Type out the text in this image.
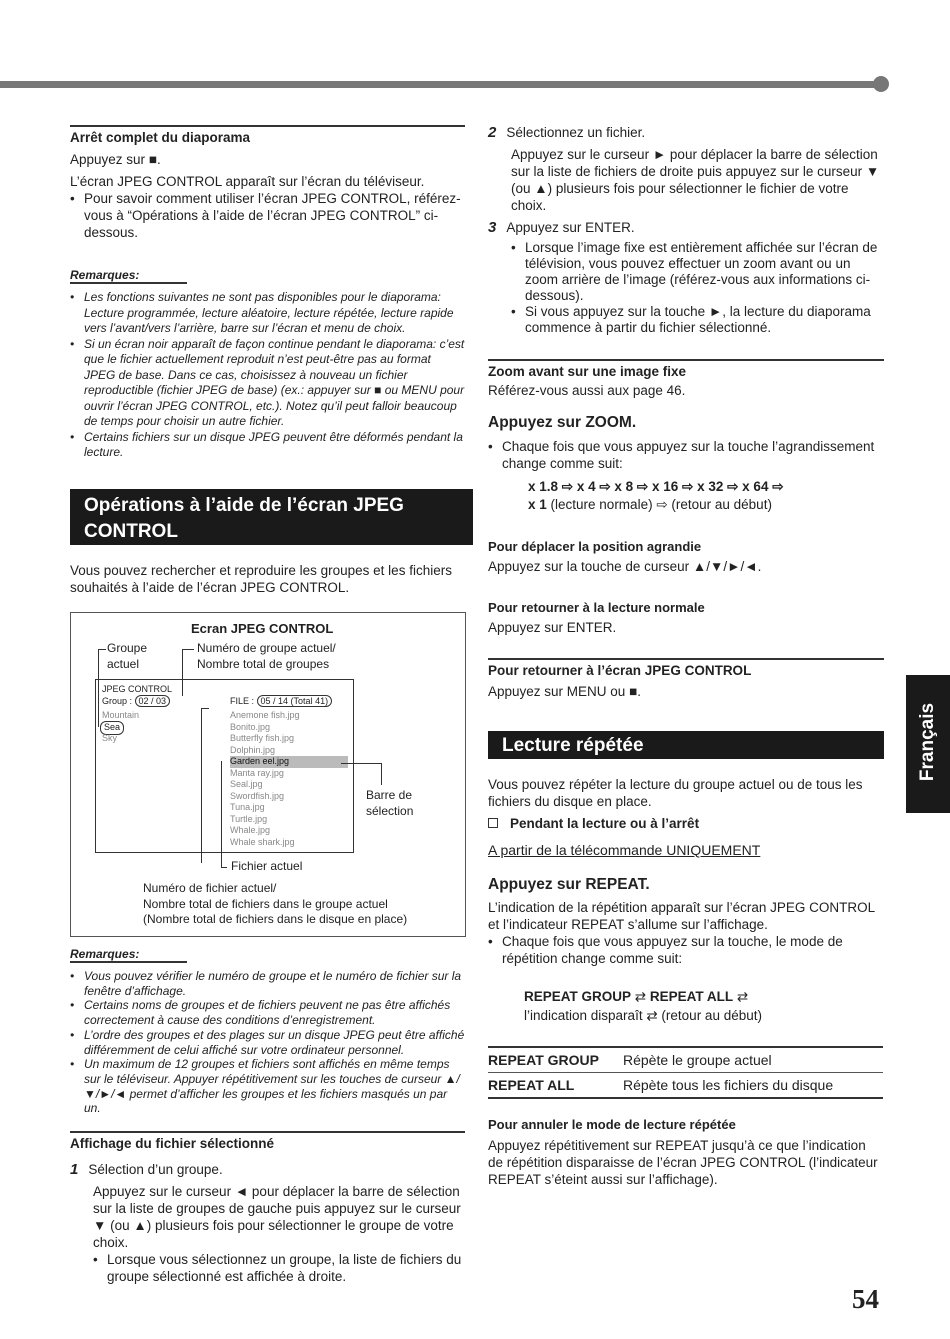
Arrêt complet du diaporama
Appuyez sur ■.
L’écran JPEG CONTROL apparaît sur l’écran du téléviseur.
• Pour savoir comment utiliser l’écran JPEG CONTROL, référez-vous à “Opérations à l’aide de l’écran JPEG CONTROL” ci-dessous.
Remarques:
• Les fonctions suivantes ne sont pas disponibles pour le diaporama: Lecture programmée, lecture aléatoire, lecture répétée, lecture rapide vers l’avant/vers l’arrière, barre sur l’écran et menu de choix.
• Si un écran noir apparaît de façon continue pendant le diaporama: c’est que le fichier actuellement reproduit n’est peut-être pas au format JPEG de base. Dans ce cas, choisissez à nouveau un fichier reproductible (fichier JPEG de base) (ex.: appuyer sur ■ ou MENU pour ouvrir l’écran JPEG CONTROL, etc.). Notez qu’il peut falloir beaucoup de temps pour choisir un autre fichier.
• Certains fichiers sur un disque JPEG peuvent être déformés pendant la lecture.
Opérations à l’aide de l’écran JPEG
CONTROL
Vous pouvez rechercher et reproduire les groupes et les fichiers souhaités à l’aide de l’écran JPEG CONTROL.
Ecran JPEG CONTROL
Groupe actuel
Numéro de groupe actuel/ Nombre total de groupes
JPEG CONTROL
Group : 02 / 03
Mountain
Sea
Sky
FILE : 05 / 14 (Total 41)
Anemone fish.jpg
Bonito.jpg
Butterfly fish.jpg
Dolphin.jpg
Garden eel.jpg
Manta ray.jpg
Seal.jpg
Swordfish.jpg
Tuna.jpg
Turtle.jpg
Whale.jpg
Whale shark.jpg
Barre de sélection
Fichier actuel
Numéro de fichier actuel/
Nombre total de fichiers dans le groupe actuel
(Nombre total de fichiers dans le disque en place)
Remarques:
• Vous pouvez vérifier le numéro de groupe et le numéro de fichier sur la fenêtre d’affichage.
• Certains noms de groupes et de fichiers peuvent ne pas être affichés correctement à cause des conditions d’enregistrement.
• L’ordre des groupes et des plages sur un disque JPEG peut être affiché différemment de celui affiché sur votre ordinateur personnel.
• Un maximum de 12 groupes et fichiers sont affichés en même temps sur le téléviseur. Appuyer répétitivement sur les touches de curseur ▲/▼/►/◄ permet d’afficher les groupes et les fichiers masqués un par un.
Affichage du fichier sélectionné
1 Sélection d’un groupe.
Appuyez sur le curseur ◄ pour déplacer la barre de sélection sur la liste de groupes de gauche puis appuyez sur le curseur ▼ (ou ▲) plusieurs fois pour sélectionner le groupe de votre choix.
• Lorsque vous sélectionnez un groupe, la liste de fichiers du groupe sélectionné est affichée à droite.
2 Sélectionnez un fichier.
Appuyez sur le curseur ► pour déplacer la barre de sélection sur la liste de fichiers de droite puis appuyez sur le curseur ▼ (ou ▲) plusieurs fois pour sélectionner le fichier de votre choix.
3 Appuyez sur ENTER.
• Lorsque l’image fixe est entièrement affichée sur l’écran de télévision, vous pouvez effectuer un zoom avant ou un zoom arrière de l’image (référez-vous aux informations ci-dessous).
• Si vous appuyez sur la touche ►, la lecture du diaporama commence à partir du fichier sélectionné.
Zoom avant sur une image fixe
Référez-vous aussi aux page 46.
Appuyez sur ZOOM.
• Chaque fois que vous appuyez sur la touche l’agrandissement change comme suit:
x 1.8 ⇨ x 4 ⇨ x 8 ⇨ x 16 ⇨ x 32 ⇨ x 64 ⇨
x 1 (lecture normale) ⇨ (retour au début)
Pour déplacer la position agrandie
Appuyez sur la touche de curseur ▲/▼/►/◄.
Pour retourner à la lecture normale
Appuyez sur ENTER.
Pour retourner à l’écran JPEG CONTROL
Appuyez sur MENU ou ■.
Lecture répétée
Vous pouvez répéter la lecture du groupe actuel ou de tous les fichiers du disque en place.
Pendant la lecture ou à l’arrêt
A partir de la télécommande UNIQUEMENT
Appuyez sur REPEAT.
L’indication de la répétition apparaît sur l’écran JPEG CONTROL et l’indicateur REPEAT s’allume sur l’affichage.
• Chaque fois que vous appuyez sur la touche, le mode de répétition change comme suit:
REPEAT GROUP ⇄ REPEAT ALL ⇄
l’indication disparaît ⇄ (retour au début)
REPEAT GROUP	Répète le groupe actuel
REPEAT ALL	Répète tous les fichiers du disque
Pour annuler le mode de lecture répétée
Appuyez répétitivement sur REPEAT jusqu’à ce que l’indication de répétition disparaisse de l’écran JPEG CONTROL (l’indicateur REPEAT s’éteint aussi sur l’affichage).
Français
54
